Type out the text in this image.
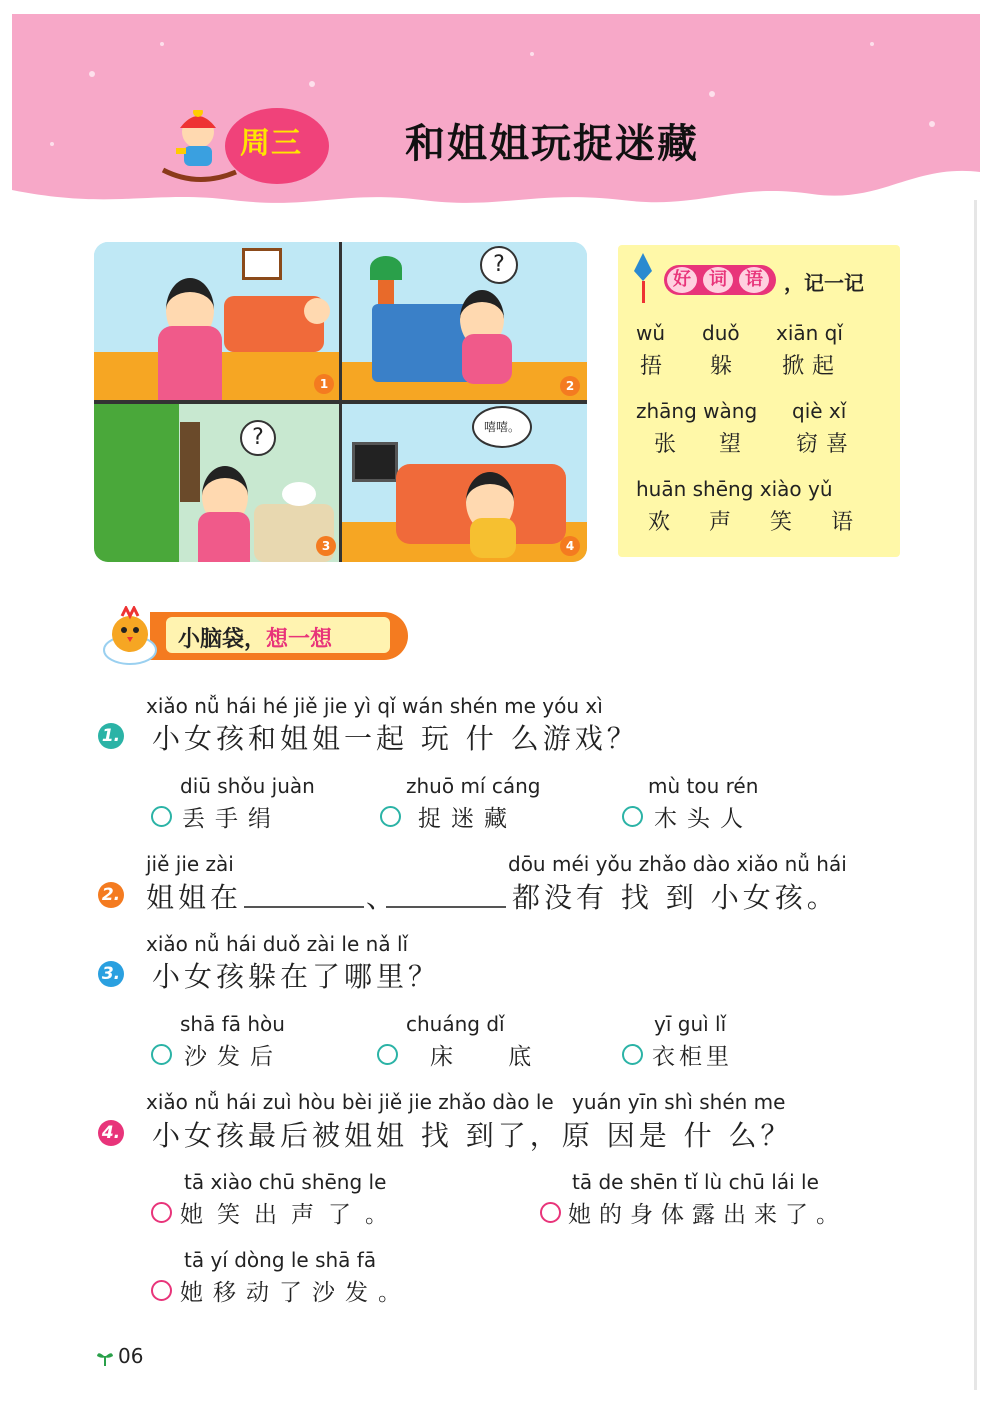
周三	和姐姐玩捉迷藏
1
?
2
?
3
嘻嘻。
4
好 词 语	，记一记
wǔ
捂
duǒ
躲
xiān qǐ
掀起
zhāng wàng
张 望
qiè xǐ
窃喜
huān shēng xiào yǔ
欢 声 笑 语
小脑袋，想一想
xiǎo nǚ hái hé jiě jie yì qǐ wán shén me yóu xì
1. 小女孩和姐姐一起 玩 什 么游戏？
diū shǒu juàn
丢手绢
zhuō mí cáng
捉迷藏
mù tou rén
木头人
jiě jie zài	dōu méi yǒu zhǎo dào xiǎo nǚ hái
2. 姐姐在	、	都没有 找 到 小女孩。
xiǎo nǚ hái duǒ zài le nǎ lǐ
3. 小女孩躲在了哪里？
shā fā hòu
沙发后
chuáng dǐ
床 底
yī guì lǐ
衣柜里
xiǎo nǚ hái zuì hòu bèi jiě jie zhǎo dào le yuán yīn shì shén me
4. 小女孩最后被姐姐 找 到了，原 因是 什 么？
tā xiào chū shēng le
她笑出声了。
tā de shēn tǐ lù chū lái le
她的身体露出来了。
tā yí dòng le shā fā
她移动了沙发。
06
